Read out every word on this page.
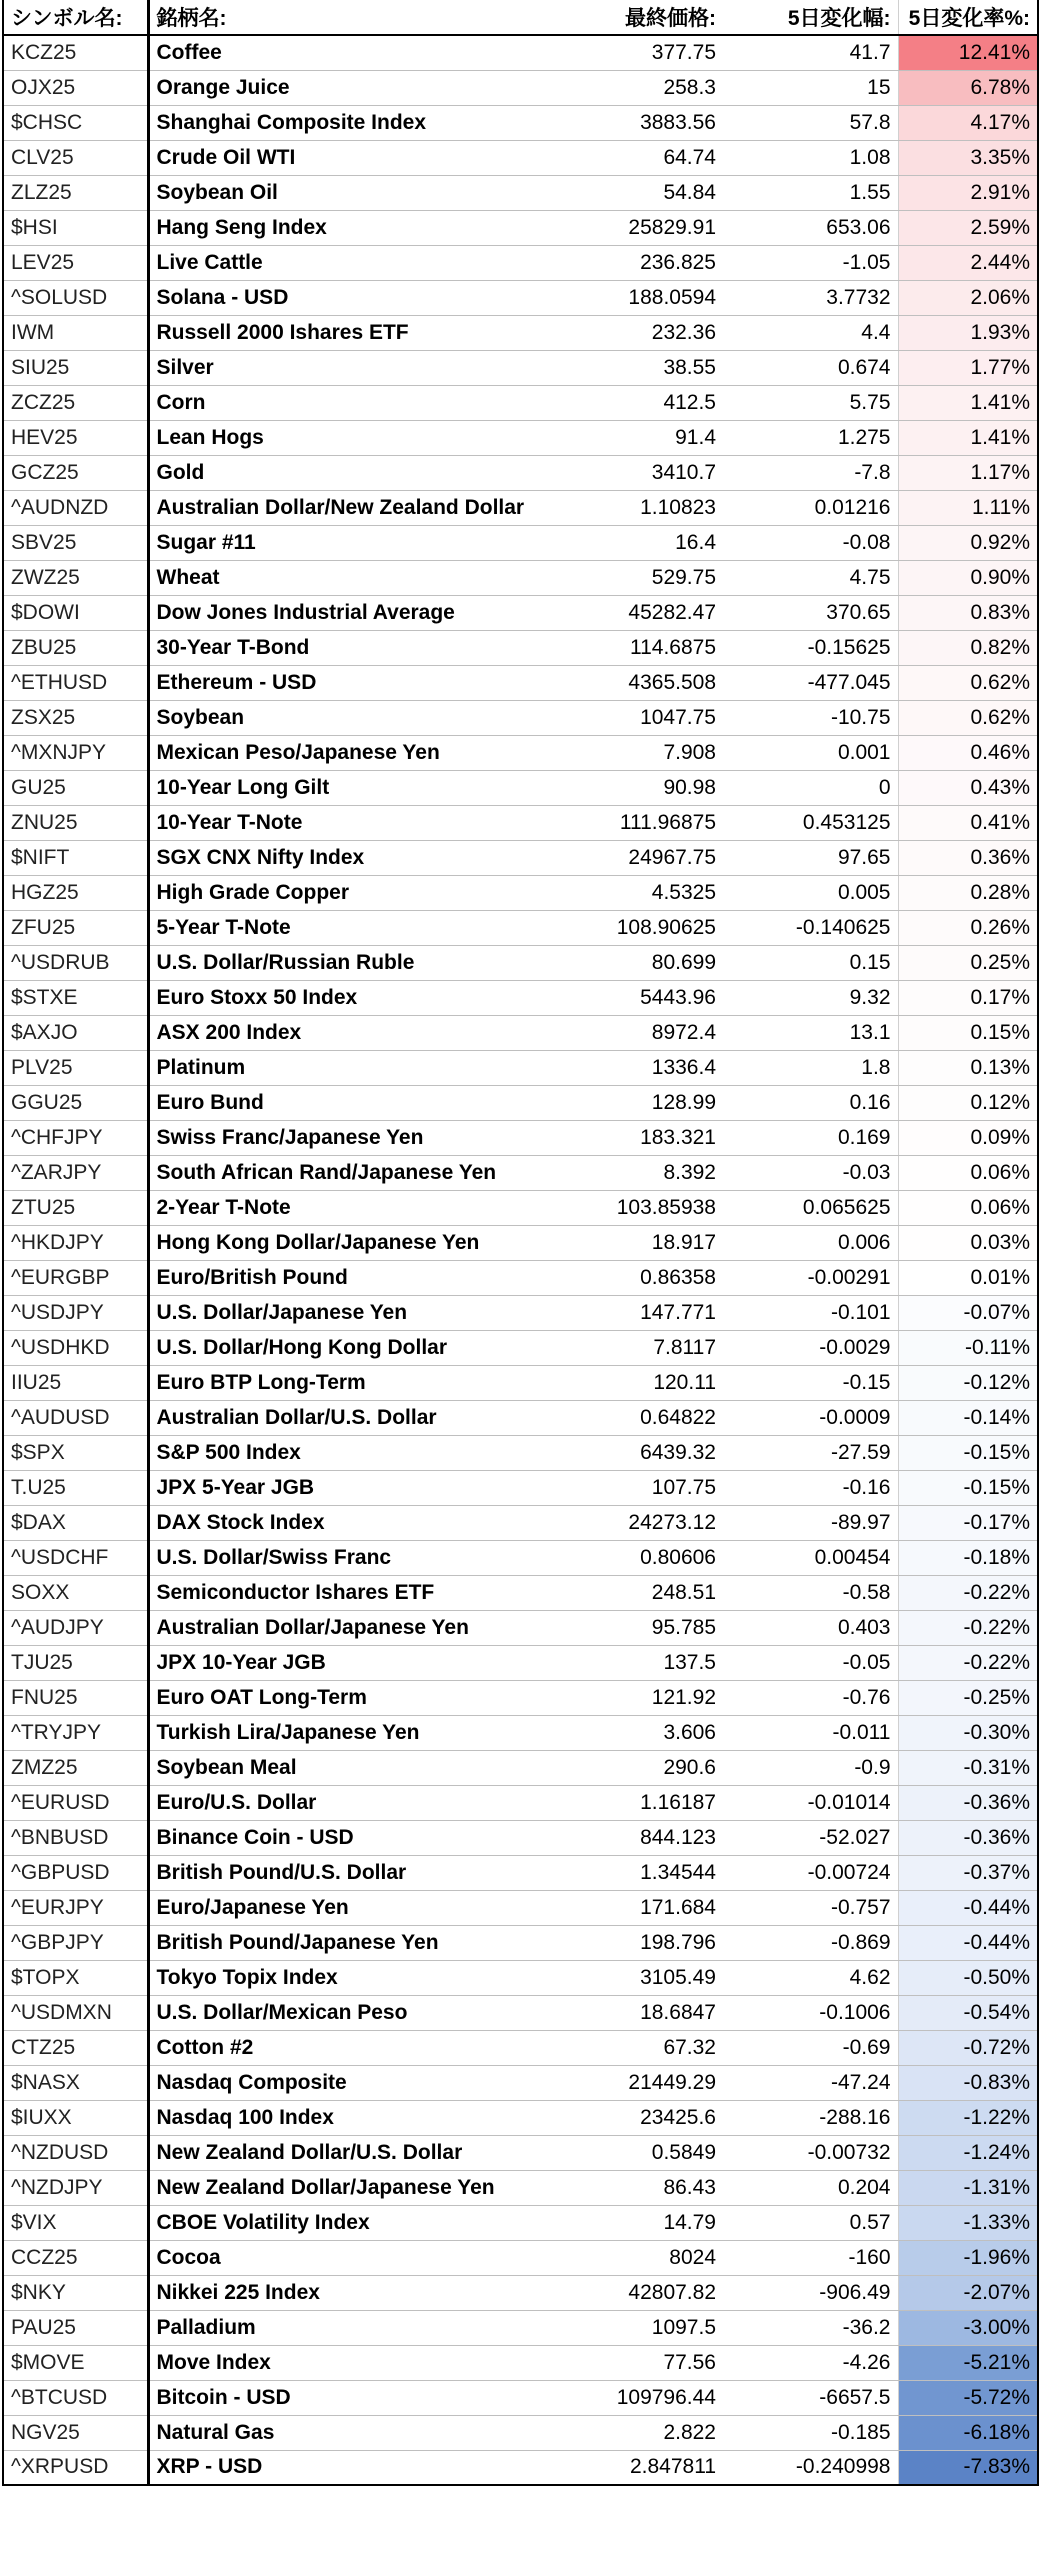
シンボル名:	銘柄名:	最終価格:	5日変化幅:	5日変化率%:
KCZ25	Coffee	377.75	41.7	12.41%
OJX25	Orange Juice	258.3	15	6.78%
$CHSC	Shanghai Composite Index	3883.56	57.8	4.17%
CLV25	Crude Oil WTI	64.74	1.08	3.35%
ZLZ25	Soybean Oil	54.84	1.55	2.91%
$HSI	Hang Seng Index	25829.91	653.06	2.59%
LEV25	Live Cattle	236.825	-1.05	2.44%
^SOLUSD	Solana - USD	188.0594	3.7732	2.06%
IWM	Russell 2000 Ishares ETF	232.36	4.4	1.93%
SIU25	Silver	38.55	0.674	1.77%
ZCZ25	Corn	412.5	5.75	1.41%
HEV25	Lean Hogs	91.4	1.275	1.41%
GCZ25	Gold	3410.7	-7.8	1.17%
^AUDNZD	Australian Dollar/New Zealand Dollar	1.10823	0.01216	1.11%
SBV25	Sugar #11	16.4	-0.08	0.92%
ZWZ25	Wheat	529.75	4.75	0.90%
$DOWI	Dow Jones Industrial Average	45282.47	370.65	0.83%
ZBU25	30-Year T-Bond	114.6875	-0.15625	0.82%
^ETHUSD	Ethereum - USD	4365.508	-477.045	0.62%
ZSX25	Soybean	1047.75	-10.75	0.62%
^MXNJPY	Mexican Peso/Japanese Yen	7.908	0.001	0.46%
GU25	10-Year Long Gilt	90.98	0	0.43%
ZNU25	10-Year T-Note	111.96875	0.453125	0.41%
$NIFT	SGX CNX Nifty Index	24967.75	97.65	0.36%
HGZ25	High Grade Copper	4.5325	0.005	0.28%
ZFU25	5-Year T-Note	108.90625	-0.140625	0.26%
^USDRUB	U.S. Dollar/Russian Ruble	80.699	0.15	0.25%
$STXE	Euro Stoxx 50 Index	5443.96	9.32	0.17%
$AXJO	ASX 200 Index	8972.4	13.1	0.15%
PLV25	Platinum	1336.4	1.8	0.13%
GGU25	Euro Bund	128.99	0.16	0.12%
^CHFJPY	Swiss Franc/Japanese Yen	183.321	0.169	0.09%
^ZARJPY	South African Rand/Japanese Yen	8.392	-0.03	0.06%
ZTU25	2-Year T-Note	103.85938	0.065625	0.06%
^HKDJPY	Hong Kong Dollar/Japanese Yen	18.917	0.006	0.03%
^EURGBP	Euro/British Pound	0.86358	-0.00291	0.01%
^USDJPY	U.S. Dollar/Japanese Yen	147.771	-0.101	-0.07%
^USDHKD	U.S. Dollar/Hong Kong Dollar	7.8117	-0.0029	-0.11%
IIU25	Euro BTP Long-Term	120.11	-0.15	-0.12%
^AUDUSD	Australian Dollar/U.S. Dollar	0.64822	-0.0009	-0.14%
$SPX	S&P 500 Index	6439.32	-27.59	-0.15%
T.U25	JPX 5-Year JGB	107.75	-0.16	-0.15%
$DAX	DAX Stock Index	24273.12	-89.97	-0.17%
^USDCHF	U.S. Dollar/Swiss Franc	0.80606	0.00454	-0.18%
SOXX	Semiconductor Ishares ETF	248.51	-0.58	-0.22%
^AUDJPY	Australian Dollar/Japanese Yen	95.785	0.403	-0.22%
TJU25	JPX 10-Year JGB	137.5	-0.05	-0.22%
FNU25	Euro OAT Long-Term	121.92	-0.76	-0.25%
^TRYJPY	Turkish Lira/Japanese Yen	3.606	-0.011	-0.30%
ZMZ25	Soybean Meal	290.6	-0.9	-0.31%
^EURUSD	Euro/U.S. Dollar	1.16187	-0.01014	-0.36%
^BNBUSD	Binance Coin - USD	844.123	-52.027	-0.36%
^GBPUSD	British Pound/U.S. Dollar	1.34544	-0.00724	-0.37%
^EURJPY	Euro/Japanese Yen	171.684	-0.757	-0.44%
^GBPJPY	British Pound/Japanese Yen	198.796	-0.869	-0.44%
$TOPX	Tokyo Topix Index	3105.49	4.62	-0.50%
^USDMXN	U.S. Dollar/Mexican Peso	18.6847	-0.1006	-0.54%
CTZ25	Cotton #2	67.32	-0.69	-0.72%
$NASX	Nasdaq Composite	21449.29	-47.24	-0.83%
$IUXX	Nasdaq 100 Index	23425.6	-288.16	-1.22%
^NZDUSD	New Zealand Dollar/U.S. Dollar	0.5849	-0.00732	-1.24%
^NZDJPY	New Zealand Dollar/Japanese Yen	86.43	0.204	-1.31%
$VIX	CBOE Volatility Index	14.79	0.57	-1.33%
CCZ25	Cocoa	8024	-160	-1.96%
$NKY	Nikkei 225 Index	42807.82	-906.49	-2.07%
PAU25	Palladium	1097.5	-36.2	-3.00%
$MOVE	Move Index	77.56	-4.26	-5.21%
^BTCUSD	Bitcoin - USD	109796.44	-6657.5	-5.72%
NGV25	Natural Gas	2.822	-0.185	-6.18%
^XRPUSD	XRP - USD	2.847811	-0.240998	-7.83%
